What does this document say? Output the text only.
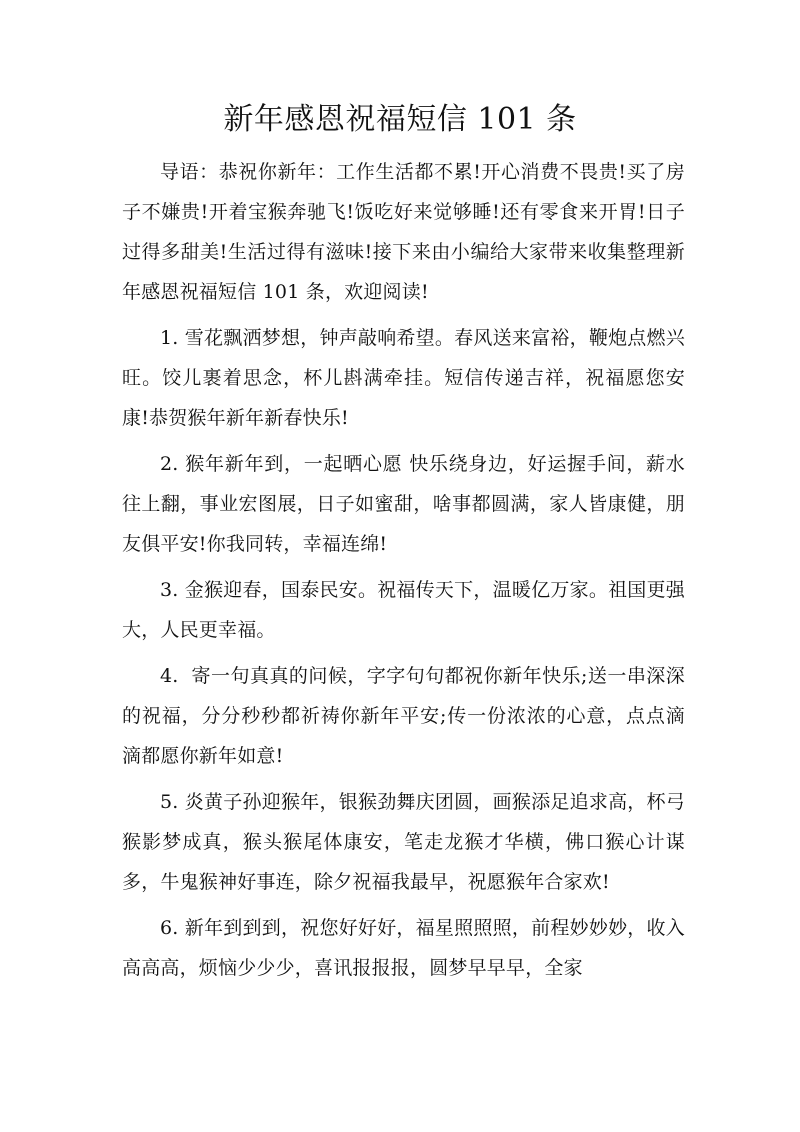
新年感恩祝福短信 101 条

导语：恭祝你新年：工作生活都不累!开心消费不畏贵!买了房子不嫌贵!开着宝猴奔驰飞!饭吃好来觉够睡!还有零食来开胃!日子过得多甜美!生活过得有滋味!接下来由小编给大家带来收集整理新年感恩祝福短信 101 条，欢迎阅读!

1. 雪花飘洒梦想，钟声敲响希望。春风送来富裕，鞭炮点燃兴旺。饺儿裹着思念，杯儿斟满牵挂。短信传递吉祥，祝福愿您安康!恭贺猴年新年新春快乐!

2. 猴年新年到，一起晒心愿 快乐绕身边，好运握手间，薪水往上翻，事业宏图展，日子如蜜甜，啥事都圆满，家人皆康健，朋友俱平安!你我同转，幸福连绵!

3. 金猴迎春，国泰民安。祝福传天下，温暖亿万家。祖国更强大，人民更幸福。

4.  寄一句真真的问候，字字句句都祝你新年快乐;送一串深深的祝福，分分秒秒都祈祷你新年平安;传一份浓浓的心意，点点滴滴都愿你新年如意!

5. 炎黄子孙迎猴年，银猴劲舞庆团圆，画猴添足追求高，杯弓猴影梦成真，猴头猴尾体康安，笔走龙猴才华横，佛口猴心计谋多，牛鬼猴神好事连，除夕祝福我最早，祝愿猴年合家欢!

6. 新年到到到，祝您好好好，福星照照照，前程妙妙妙，收入高高高，烦恼少少少，喜讯报报报，圆梦早早早，全家
